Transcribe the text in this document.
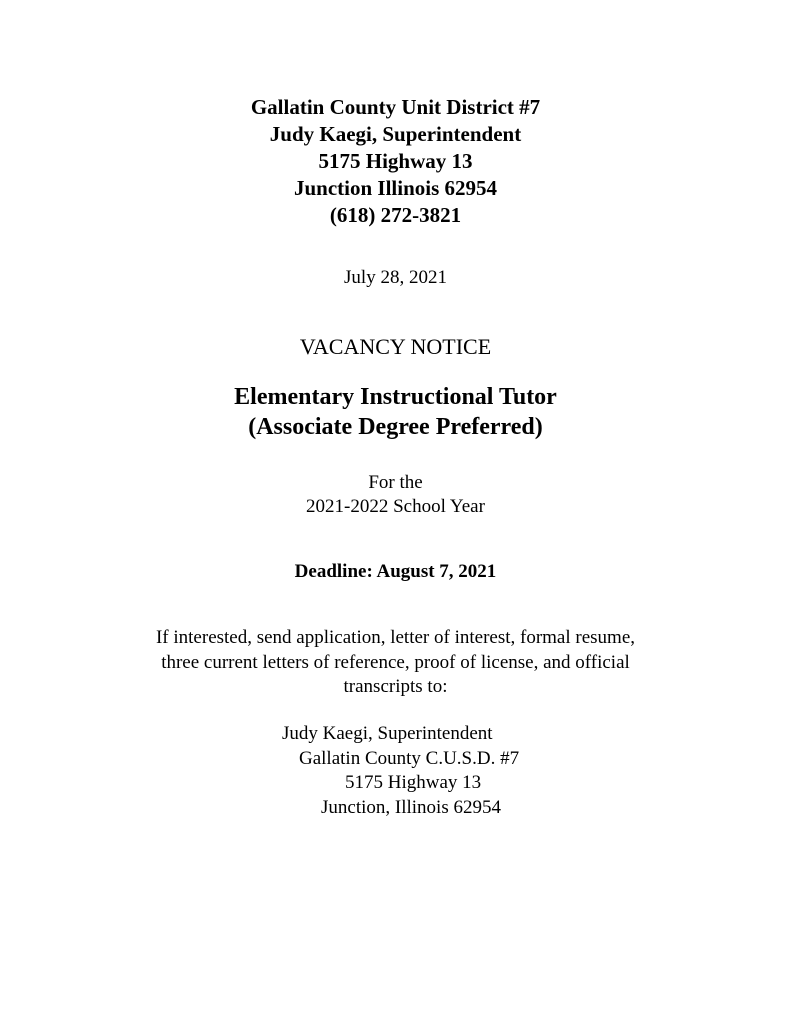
Gallatin County Unit District #7
Judy Kaegi, Superintendent
5175 Highway 13
Junction Illinois 62954
(618) 272-3821
July 28, 2021
VACANCY NOTICE
Elementary Instructional Tutor
(Associate Degree Preferred)
For the
2021-2022 School Year
Deadline: August 7, 2021
If interested, send application, letter of interest, formal resume,
three current letters of reference, proof of license, and official
transcripts to:
Judy Kaegi, Superintendent
Gallatin County C.U.S.D. #7
5175 Highway 13
Junction, Illinois 62954
